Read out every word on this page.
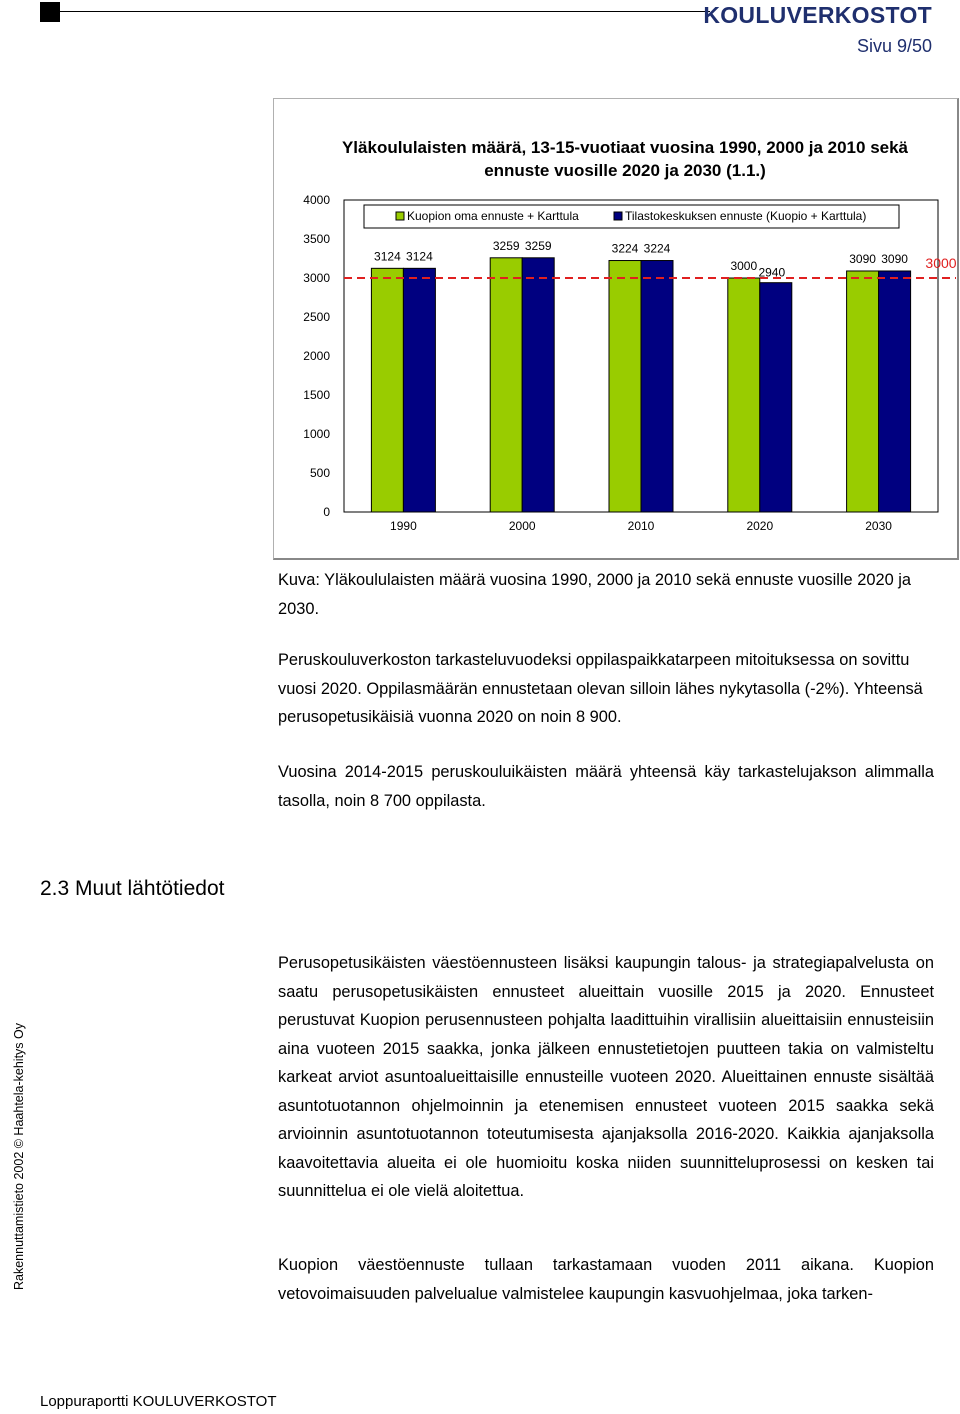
KOULUVERKOSTOT
Sivu 9/50
Yläkoululaisten määrä, 13-15-vuotiaat vuosina 1990, 2000 ja 2010 sekä ennuste vuosille 2020 ja 2030 (1.1.)
0
500
1000
1500
2000
2500
3000
3500
4000
3124 3124
1990
3259 3259
2000
3224 3224
2010
3000 2940
2020
3090 3090
2030
3000
Kuopion oma ennuste + Karttula	Tilastokeskuksen ennuste (Kuopio + Karttula)
Kuva: Yläkoululaisten määrä vuosina 1990, 2000 ja 2010 sekä ennuste vuosille 2020 ja 2030.
Peruskouluverkoston tarkasteluvuodeksi oppilaspaikkatarpeen mitoituksessa on sovittu vuosi 2020. Oppilasmäärän ennustetaan olevan silloin lähes nykytasolla (-2%). Yhteensä perusopetusikäisiä vuonna 2020 on noin 8 900.
Vuosina 2014-2015 peruskouluikäisten määrä yhteensä käy tarkastelujakson alimmalla tasolla, noin 8 700 oppilasta.
2.3 Muut lähtötiedot
Perusopetusikäisten väestöennusteen lisäksi kaupungin talous- ja strategiapalvelusta on saatu perusopetusikäisten ennusteet alueittain vuosille 2015 ja 2020. Ennusteet perustuvat Kuopion perusennusteen pohjalta laadittuihin virallisiin alueittaisiin ennusteisiin aina vuoteen 2015 saakka, jonka jälkeen ennustetietojen puutteen takia on valmisteltu karkeat arviot asuntoalueittaisille ennusteille vuoteen 2020. Alueittainen ennuste sisältää asuntotuotannon ohjelmoinnin ja etenemisen ennusteet vuoteen 2015 saakka sekä arvioinnin asuntotuotannon toteutumisesta ajanjaksolla 2016-2020. Kaikkia ajanjaksolla kaavoitettavia alueita ei ole huomioitu koska niiden suunnitteluprosessi on kesken tai suunnittelua ei ole vielä aloitettua.
Kuopion väestöennuste tullaan tarkastamaan vuoden 2011 aikana. Kuopion vetovoimaisuuden palvelualue valmistelee kaupungin kasvuohjelmaa, joka tarken-
Rakennuttamistieto 2002 © Haahtela-kehitys Oy
Loppuraportti KOULUVERKOSTOT
